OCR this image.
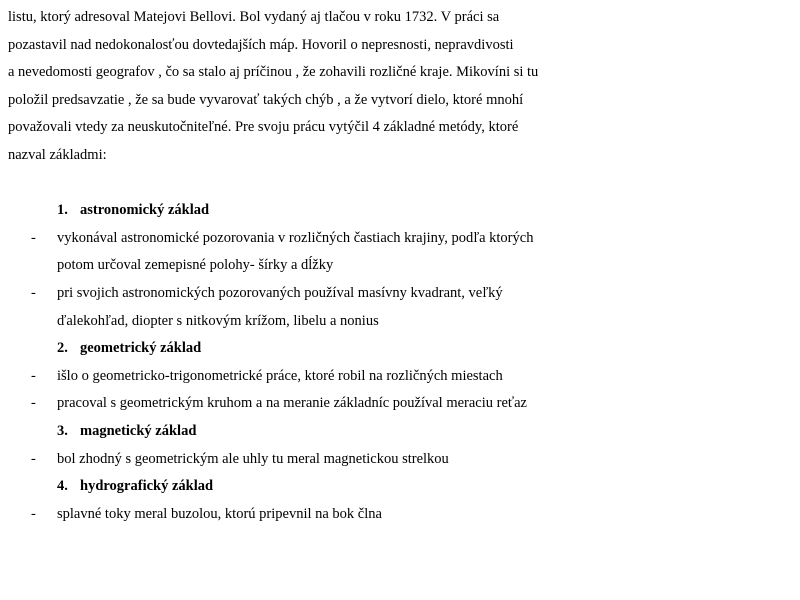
listu, ktorý adresoval Matejovi Bellovi. Bol vydaný aj tlačou v roku 1732. V práci sa
pozastavil nad nedokonalosťou dovtedajších máp. Hovoril o nepresnosti, nepravdivosti
a nevedomosti geografov , čo sa stalo aj príčinou , že zohavili rozličné kraje. Mikovíni si tu
položil predsavzatie , že sa bude vyvarovať takých chýb , a že vytvorí dielo, ktoré mnohí
považovali vtedy za neuskutočniteľné. Pre svoju prácu vytýčil 4 základné metódy, ktoré
nazval základmi:
1. astronomický základ
- vykonával astronomické pozorovania v rozličných častiach krajiny, podľa ktorých
potom určoval zemepisné polohy- šírky a dĺžky
- pri svojich astronomických pozorovaných používal masívny kvadrant, veľký
ďalekohľad, diopter s nitkovým krížom, libelu a nonius
2. geometrický základ
- išlo o geometricko-trigonometrické práce, ktoré robil na rozličných miestach
- pracoval s geometrickým kruhom a na meranie základníc používal meraciu reťaz
3. magnetický základ
- bol zhodný s geometrickým ale uhly tu meral magnetickou strelkou
4. hydrografický základ
- splavné toky meral buzolou, ktorú pripevnil na bok člna
